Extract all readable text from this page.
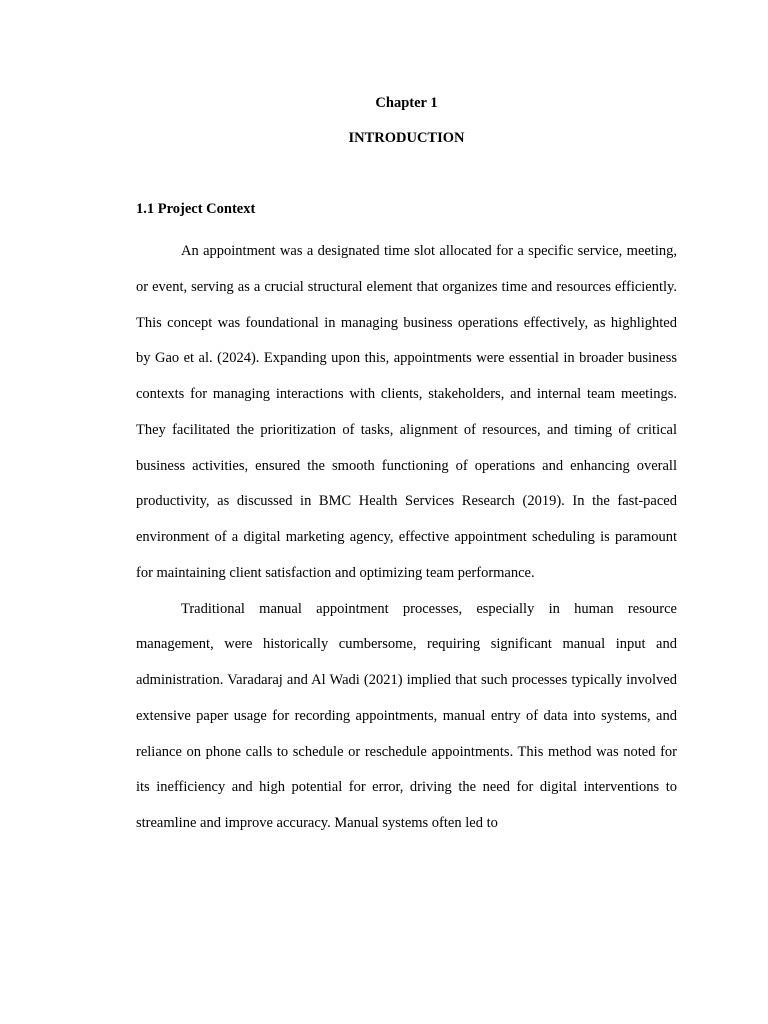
Chapter 1
INTRODUCTION
1.1 Project Context

An appointment was a designated time slot allocated for a specific service, meeting, or event, serving as a crucial structural element that organizes time and resources efficiently. This concept was foundational in managing business operations effectively, as highlighted by Gao et al. (2024). Expanding upon this, appointments were essential in broader business contexts for managing interactions with clients, stakeholders, and internal team meetings. They facilitated the prioritization of tasks, alignment of resources, and timing of critical business activities, ensured the smooth functioning of operations and enhancing overall productivity, as discussed in BMC Health Services Research (2019). In the fast-paced environment of a digital marketing agency, effective appointment scheduling is paramount for maintaining client satisfaction and optimizing team performance.

Traditional manual appointment processes, especially in human resource management, were historically cumbersome, requiring significant manual input and administration. Varadaraj and Al Wadi (2021) implied that such processes typically involved extensive paper usage for recording appointments, manual entry of data into systems, and reliance on phone calls to schedule or reschedule appointments. This method was noted for its inefficiency and high potential for error, driving the need for digital interventions to streamline and improve accuracy. Manual systems often led to
